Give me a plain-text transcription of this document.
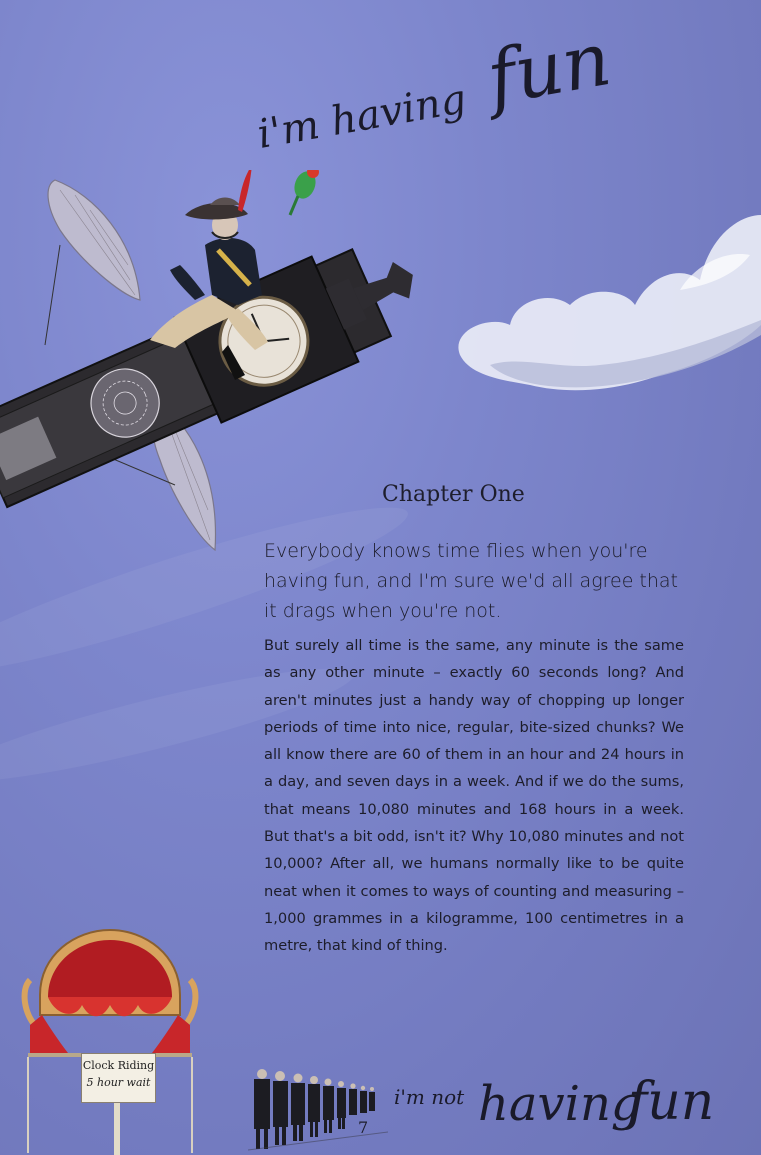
i'm having fun
Chapter One
Everybody knows time flies when you're having fun, and I'm sure we'd all agree that it drags when you're not.
But surely all time is the same, any minute is the same as any other minute – exactly 60 seconds long? And aren't minutes just a handy way of chopping up longer periods of time into nice, regular, bite-sized chunks? We all know there are 60 of them in an hour and 24 hours in a day, and seven days in a week. And if we do the sums, that means 10,080 minutes and 168 hours in a week. But that's a bit odd, isn't it? Why 10,080 minutes and not 10,000? After all, we humans normally like to be quite neat when it comes to ways of counting and measuring – 1,000 grammes in a kilogramme, 100 centimetres in a metre, that kind of thing.
Clock Riding
5 hour wait
7
i'm not having
fun
